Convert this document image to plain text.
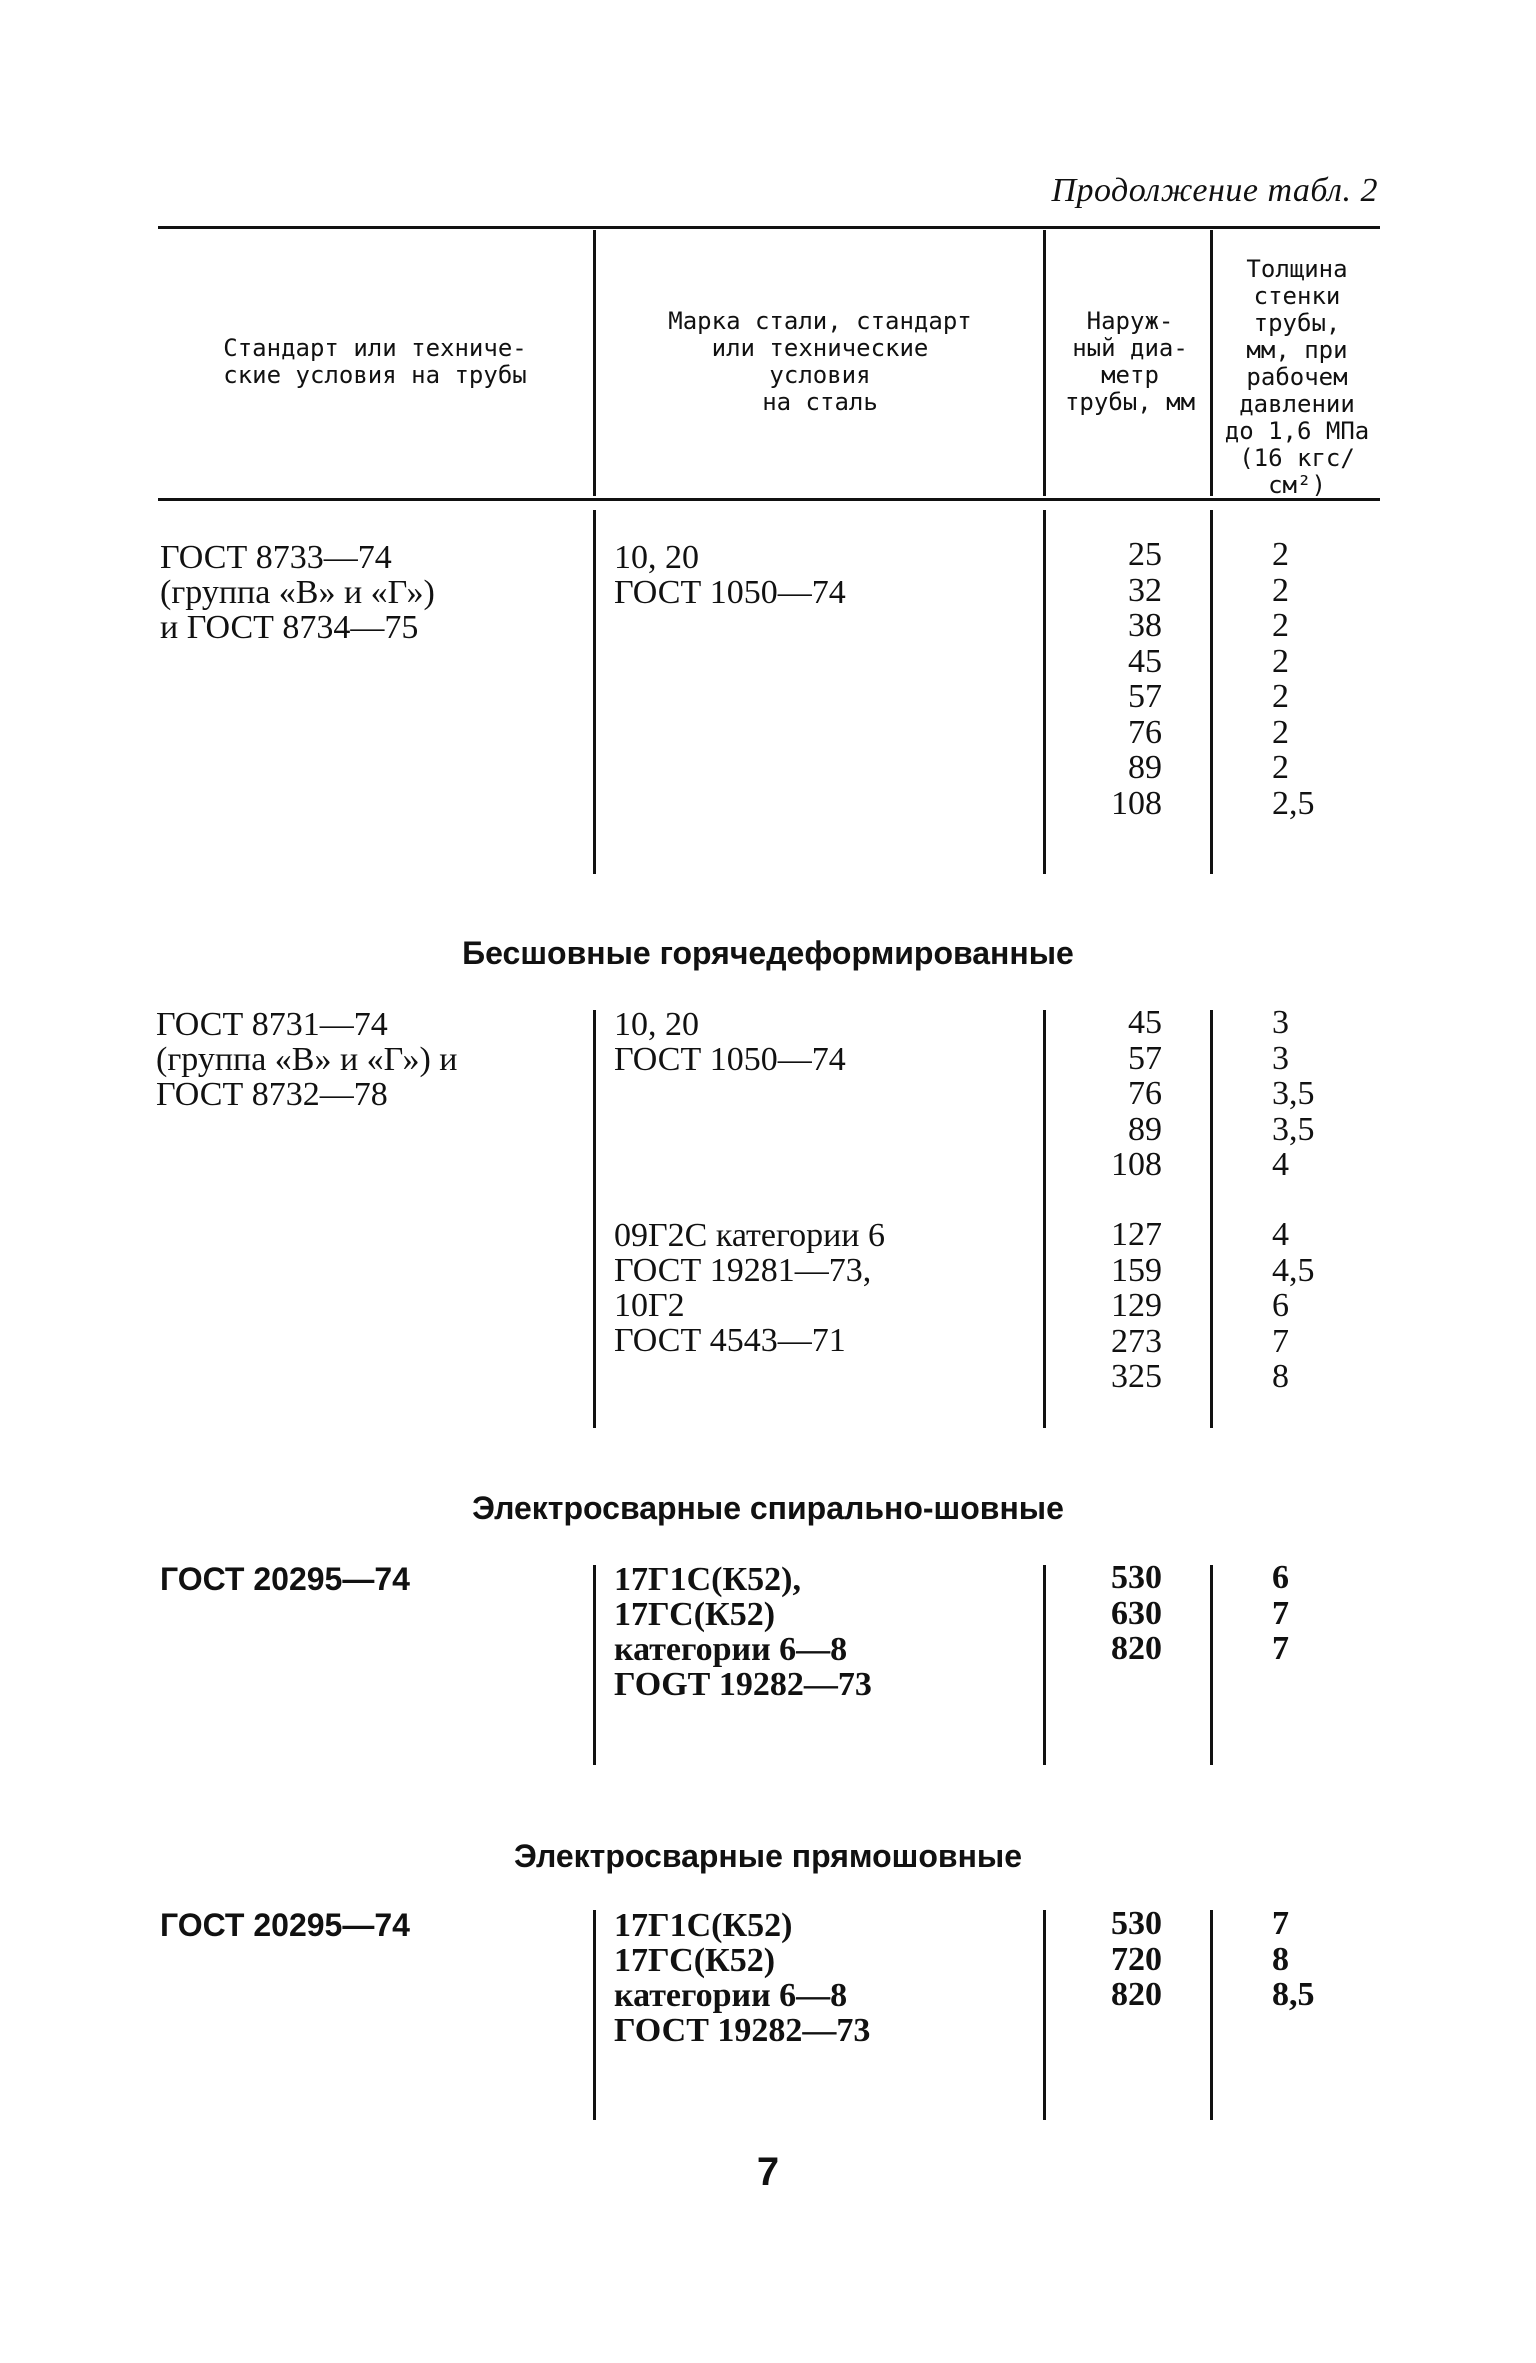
Продолжение табл. 2
Стандарт или техниче-
ские условия на трубы
Марка стали, стандарт
или технические
условия
на сталь
Наруж-
ный диа-
метр
трубы, мм
Толщина
стенки
трубы,
мм, при
рабочем
давлении
до 1,6 МПа
(16 кгс/см²)
ГОСТ 8733—74
(группа «В» и «Г»)
и ГОСТ 8734—75
10, 20
ГОСТ 1050—74
25
32
38
45
57
76
89
108
2
2
2
2
2
2
2
2,5
Бесшовные горячедеформированные
ГОСТ 8731—74
(группа «В» и «Г») и
ГОСТ 8732—78
10, 20
ГОСТ 1050—74
45
57
76
89
108
3
3
3,5
3,5
4
09Г2С категории 6
ГОСТ 19281—73,
10Г2
ГОСТ 4543—71
127
159
129
273
325
4
4,5
6
7
8
Электросварные спирально-шовные
ГОСТ 20295—74	17Г1С(К52),
17ГС(К52)
категории 6—8
ГОGТ 19282—73
530
630
820
6
7
7
Электросварные прямошовные
ГОСТ 20295—74	17Г1С(К52)
17ГС(К52)
категории 6—8
ГОСТ 19282—73
530
720
820
7
8
8,5
7
